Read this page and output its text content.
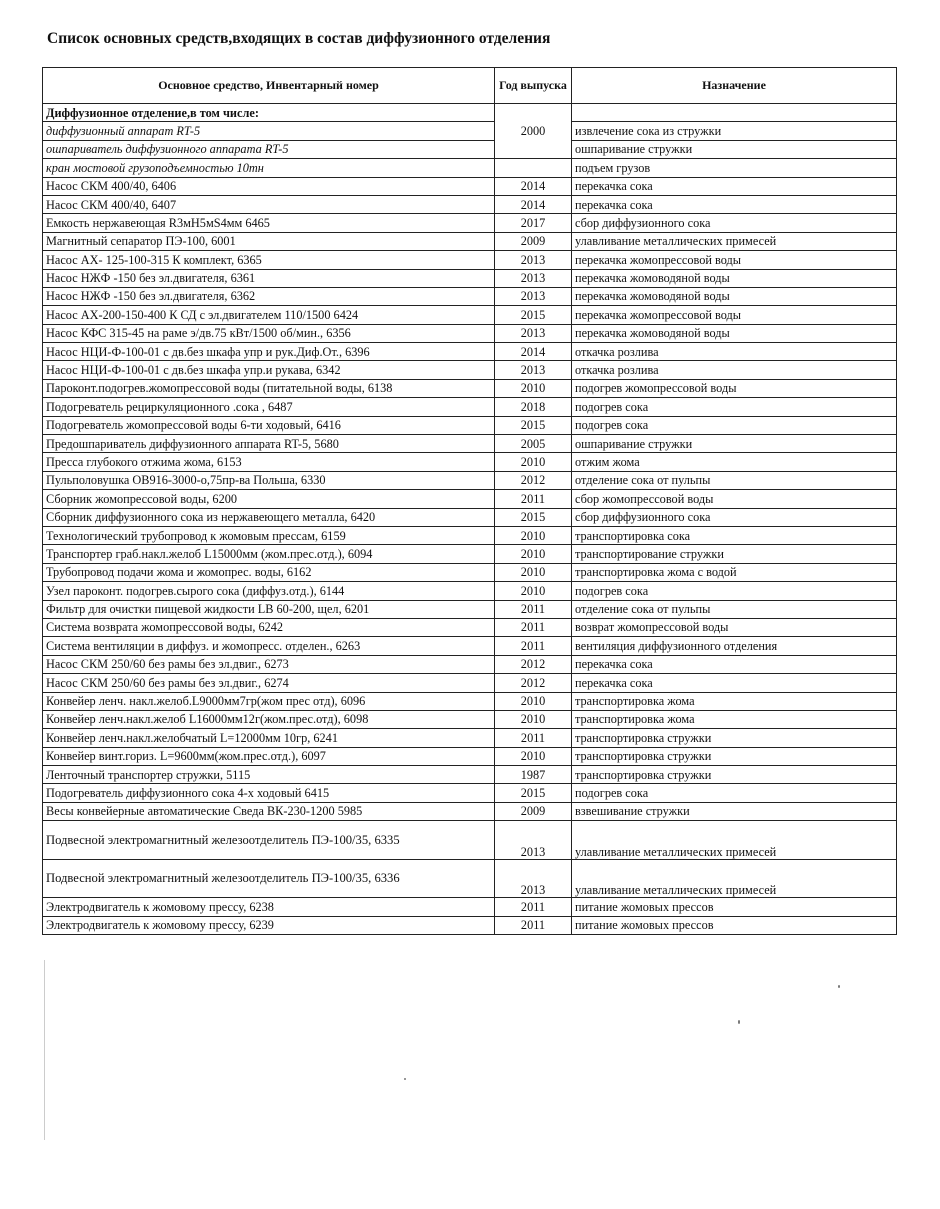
Список основных средств,входящих в состав диффузионного отделения
Основное средство, Инвентарный номер	Год выпуска	Назначение
Диффузионное отделение,в том числе:	2000	
диффузионный аппарат RT-5		извлечение сока из стружки
ошпариватель диффузионного аппарата RT-5		ошпаривание стружки
кран мостовой грузоподъемностью 10тн		подъем грузов
Насос СКМ 400/40, 6406	2014	перекачка сока
Насос СКМ 400/40, 6407	2014	перекачка сока
Емкость нержавеющая R3мН5мS4мм 6465	2017	сбор диффузионного сока
Магнитный сепаратор ПЭ-100, 6001	2009	улавливание металлических примесей
Насос АХ- 125-100-315 К комплект, 6365	2013	перекачка жомопрессовой воды
Насос НЖФ -150 без эл.двигателя, 6361	2013	перекачка жомоводяной воды
Насос НЖФ -150 без эл.двигателя, 6362	2013	перекачка жомоводяной воды
Насос АХ-200-150-400 К СД с эл.двигателем 110/1500 6424	2015	перекачка жомопрессовой воды
Насос КФС 315-45 на раме э/дв.75 кВт/1500 об/мин., 6356	2013	перекачка жомоводяной воды
Насос НЦИ-Ф-100-01 с дв.без шкафа упр и рук.Диф.От., 6396	2014	откачка розлива
Насос НЦИ-Ф-100-01 с дв.без шкафа упр.и рукава, 6342	2013	откачка розлива
Пароконт.подогрев.жомопрессовой воды (питательной воды, 6138	2010	подогрев жомопрессовой воды
Подогреватель рециркуляционного .сока , 6487	2018	подогрев сока
Подогреватель жомопрессовой воды 6-ти ходовый, 6416	2015	подогрев сока
Предошпариватель диффузионного аппарата RT-5, 5680	2005	ошпаривание стружки
Пресса глубокого отжима жома, 6153	2010	отжим жома
Пульполовушка ОВ916-3000-о,75пр-ва Польша, 6330	2012	отделение сока от пульпы
Сборник жомопрессовой воды, 6200	2011	сбор жомопрессовой воды
Сборник диффузионного сока из нержавеющего металла, 6420	2015	сбор диффузионного сока
Технологический трубопровод к жомовым прессам, 6159	2010	транспортировка сока
Транспортер граб.накл.желоб L15000мм (жом.прес.отд.), 6094	2010	транспортирование стружки
Трубопровод подачи жома и жомопрес. воды, 6162	2010	транспортировка жома с водой
Узел пароконт. подогрев.сырого сока (диффуз.отд.), 6144	2010	подогрев сока
Фильтр для очистки пищевой жидкости LB 60-200, щел, 6201	2011	отделение сока от пульпы
Система возврата жомопрессовой воды, 6242	2011	возврат жомопрессовой воды
Система вентиляции в диффуз. и жомопресс. отделен., 6263	2011	вентиляция диффузионного отделения
Насос СКМ 250/60 без рамы без эл.двиг., 6273	2012	перекачка сока
Насос СКМ 250/60 без рамы без эл.двиг., 6274	2012	перекачка сока
Конвейер ленч. накл.желоб.L9000мм7гр(жом прес отд), 6096	2010	транспортировка жома
Конвейер ленч.накл.желоб L16000мм12г(жом.прес.отд), 6098	2010	транспортировка жома
Конвейер ленч.накл.желобчатый L=12000мм 10гр, 6241	2011	транспортировка стружки
Конвейер винт.гориз. L=9600мм(жом.прес.отд.), 6097	2010	транспортировка стружки
Ленточный транспортер стружки, 5115	1987	транспортировка стружки
Подогреватель диффузионного сока 4-х ходовый 6415	2015	подогрев сока
Весы конвейерные автоматические Сведа ВК-230-1200 5985	2009	взвешивание стружки
Подвесной электромагнитный железоотделитель ПЭ-100/35, 6335	2013	улавливание металлических примесей
Подвесной электромагнитный железоотделитель ПЭ-100/35, 6336	2013	улавливание металлических примесей
Электродвигатель к жомовому прессу, 6238	2011	питание жомовых прессов
Электродвигатель к жомовому прессу, 6239	2011	питание жомовых прессов
